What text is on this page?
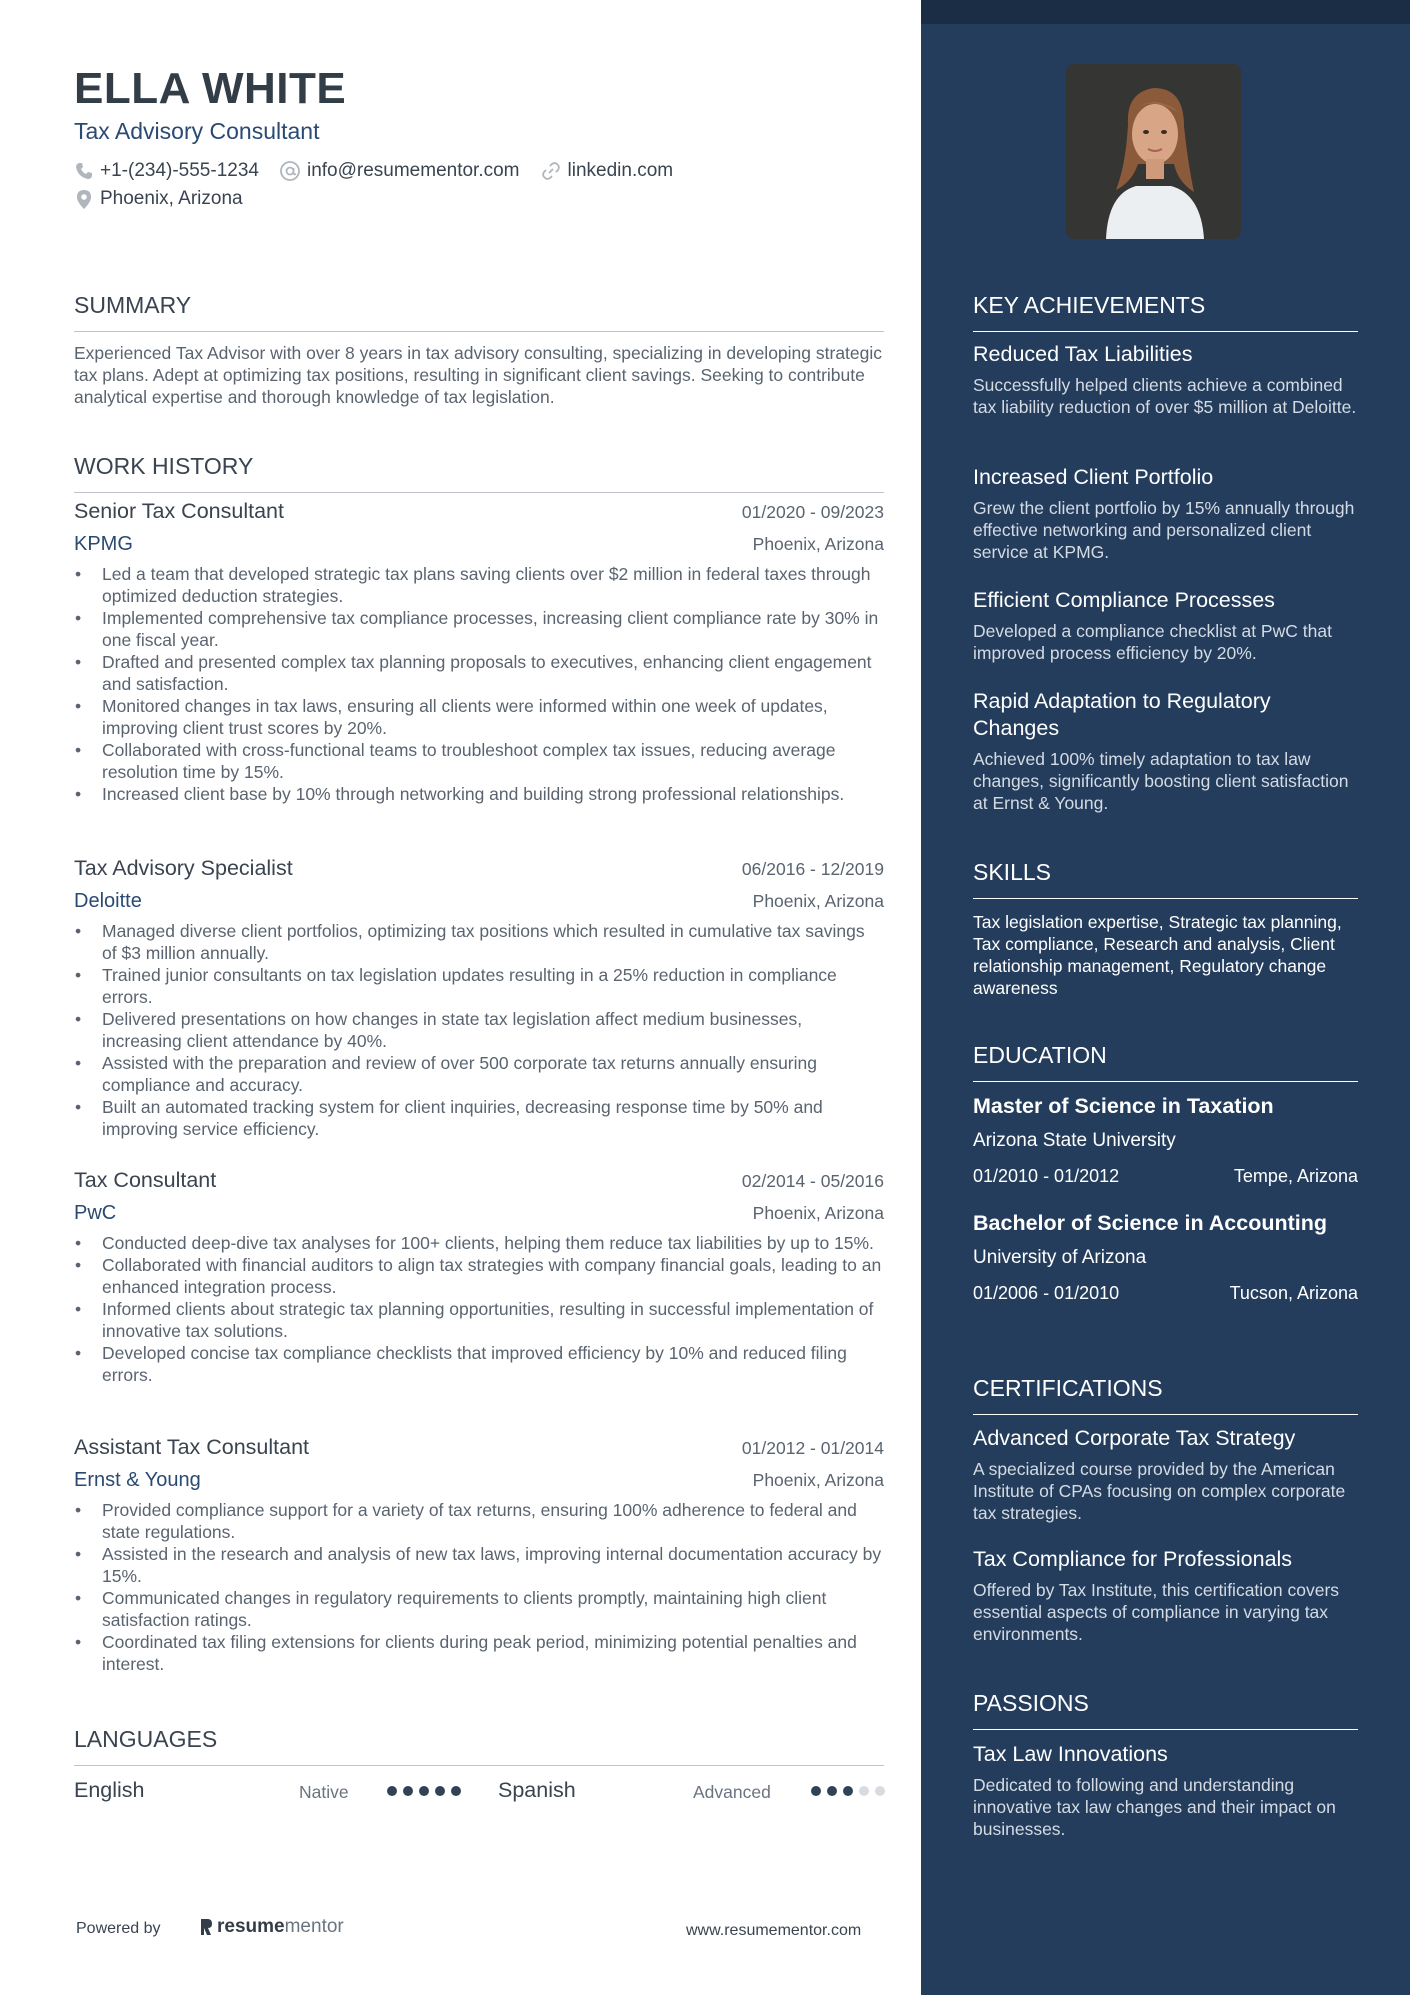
ELLA WHITE
Tax Advisory Consultant
+1-(234)-555-1234	info@resumementor.com	linkedin.com
Phoenix, Arizona
SUMMARY
Experienced Tax Advisor with over 8 years in tax advisory consulting, specializing in developing strategic tax plans. Adept at optimizing tax positions, resulting in significant client savings. Seeking to contribute analytical expertise and thorough knowledge of tax legislation.
WORK HISTORY
Senior Tax Consultant	01/2020 - 09/2023
KPMG	Phoenix, Arizona
• Led a team that developed strategic tax plans saving clients over $2 million in federal taxes through optimized deduction strategies.
• Implemented comprehensive tax compliance processes, increasing client compliance rate by 30% in one fiscal year.
• Drafted and presented complex tax planning proposals to executives, enhancing client engagement and satisfaction.
• Monitored changes in tax laws, ensuring all clients were informed within one week of updates, improving client trust scores by 20%.
• Collaborated with cross-functional teams to troubleshoot complex tax issues, reducing average resolution time by 15%.
• Increased client base by 10% through networking and building strong professional relationships.
Tax Advisory Specialist	06/2016 - 12/2019
Deloitte	Phoenix, Arizona
• Managed diverse client portfolios, optimizing tax positions which resulted in cumulative tax savings of $3 million annually.
• Trained junior consultants on tax legislation updates resulting in a 25% reduction in compliance errors.
• Delivered presentations on how changes in state tax legislation affect medium businesses, increasing client attendance by 40%.
• Assisted with the preparation and review of over 500 corporate tax returns annually ensuring compliance and accuracy.
• Built an automated tracking system for client inquiries, decreasing response time by 50% and improving service efficiency.
Tax Consultant	02/2014 - 05/2016
PwC	Phoenix, Arizona
• Conducted deep-dive tax analyses for 100+ clients, helping them reduce tax liabilities by up to 15%.
• Collaborated with financial auditors to align tax strategies with company financial goals, leading to an enhanced integration process.
• Informed clients about strategic tax planning opportunities, resulting in successful implementation of innovative tax solutions.
• Developed concise tax compliance checklists that improved efficiency by 10% and reduced filing errors.
Assistant Tax Consultant	01/2012 - 01/2014
Ernst & Young	Phoenix, Arizona
• Provided compliance support for a variety of tax returns, ensuring 100% adherence to federal and state regulations.
• Assisted in the research and analysis of new tax laws, improving internal documentation accuracy by 15%.
• Communicated changes in regulatory requirements to clients promptly, maintaining high client satisfaction ratings.
• Coordinated tax filing extensions for clients during peak period, minimizing potential penalties and interest.
LANGUAGES
English	Native	Spanish	Advanced
Powered by	resume mentor	www.resumementor.com
KEY ACHIEVEMENTS
Reduced Tax Liabilities
Successfully helped clients achieve a combined tax liability reduction of over $5 million at Deloitte.
Increased Client Portfolio
Grew the client portfolio by 15% annually through effective networking and personalized client service at KPMG.
Efficient Compliance Processes
Developed a compliance checklist at PwC that improved process efficiency by 20%.
Rapid Adaptation to Regulatory Changes
Achieved 100% timely adaptation to tax law changes, significantly boosting client satisfaction at Ernst & Young.
SKILLS
Tax legislation expertise, Strategic tax planning, Tax compliance, Research and analysis, Client relationship management, Regulatory change awareness
EDUCATION
Master of Science in Taxation
Arizona State University
01/2010 - 01/2012	Tempe, Arizona
Bachelor of Science in Accounting
University of Arizona
01/2006 - 01/2010	Tucson, Arizona
CERTIFICATIONS
Advanced Corporate Tax Strategy
A specialized course provided by the American Institute of CPAs focusing on complex corporate tax strategies.
Tax Compliance for Professionals
Offered by Tax Institute, this certification covers essential aspects of compliance in varying tax environments.
PASSIONS
Tax Law Innovations
Dedicated to following and understanding innovative tax law changes and their impact on businesses.
